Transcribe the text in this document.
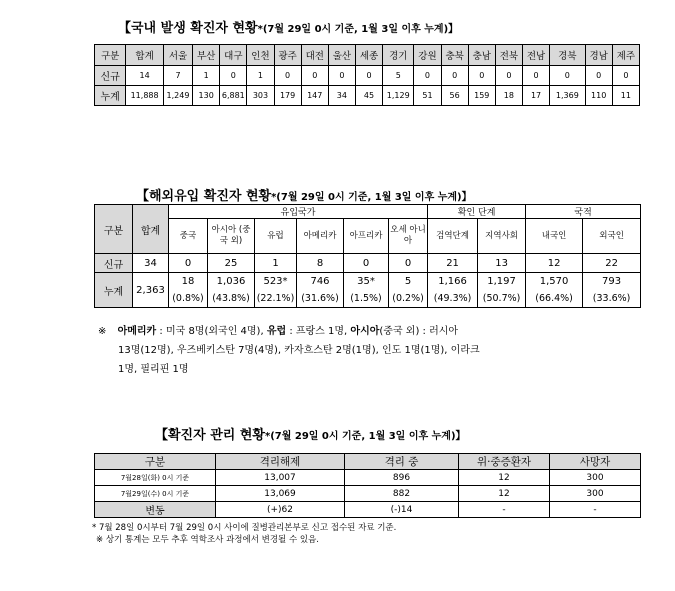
【국내 발생 확진자 현황*(7월 29일 0시 기준, 1월 3일 이후 누계)】
구분	합계	서울	부산	대구	인천	광주	대전	울산	세종	경기	강원	충북	충남	전북	전남	경북	경남	제주
신규	14	7	1	0	1	0	0	0	0	5	0	0	0	0	0	0	0	0
누계	11,888	1,249	130	6,881	303	179	147	34	45	1,129	51	56	159	18	17	1,369	110	11
【해외유입 확진자 현황*(7월 29일 0시 기준, 1월 3일 이후 누계)】
구분	합계	유입국가						확인 단계		국적	
		중국	아시아 (중국 외)	유럽	아메리카	아프리카	오세 아니아	검역단계	지역사회	내국인	외국인
신규	34	0	25	1	8	0	0	21	13	12	22
누계	2,363	18	1,036	523*	746	35*	5	1,166	1,197	1,570	793
		(0.8%)	(43.8%)	(22.1%)	(31.6%)	(1.5%)	(0.2%)	(49.3%)	(50.7%)	(66.4%)	(33.6%)
※ 아메리카 : 미국 8명(외국인 4명), 유럽 : 프랑스 1명, 아시아(중국 외) : 러시아
13명(12명), 우즈베키스탄 7명(4명), 카자흐스탄 2명(1명), 인도 1명(1명), 이라크
1명, 필리핀 1명
【확진자 관리 현황*(7월 29일 0시 기준, 1월 3일 이후 누계)】
구분	격리해제	격리 중	위·중증환자	사망자
7월28일(화) 0시 기준	13,007	896	12	300
7월29일(수) 0시 기준	13,069	882	12	300
변동	(+)62	(-)14	-	-
* 7월 28일 0시부터 7월 29일 0시 사이에 질병관리본부로 신고 접수된 자료 기준.
※ 상기 통계는 모두 추후 역학조사 과정에서 변경될 수 있음.
